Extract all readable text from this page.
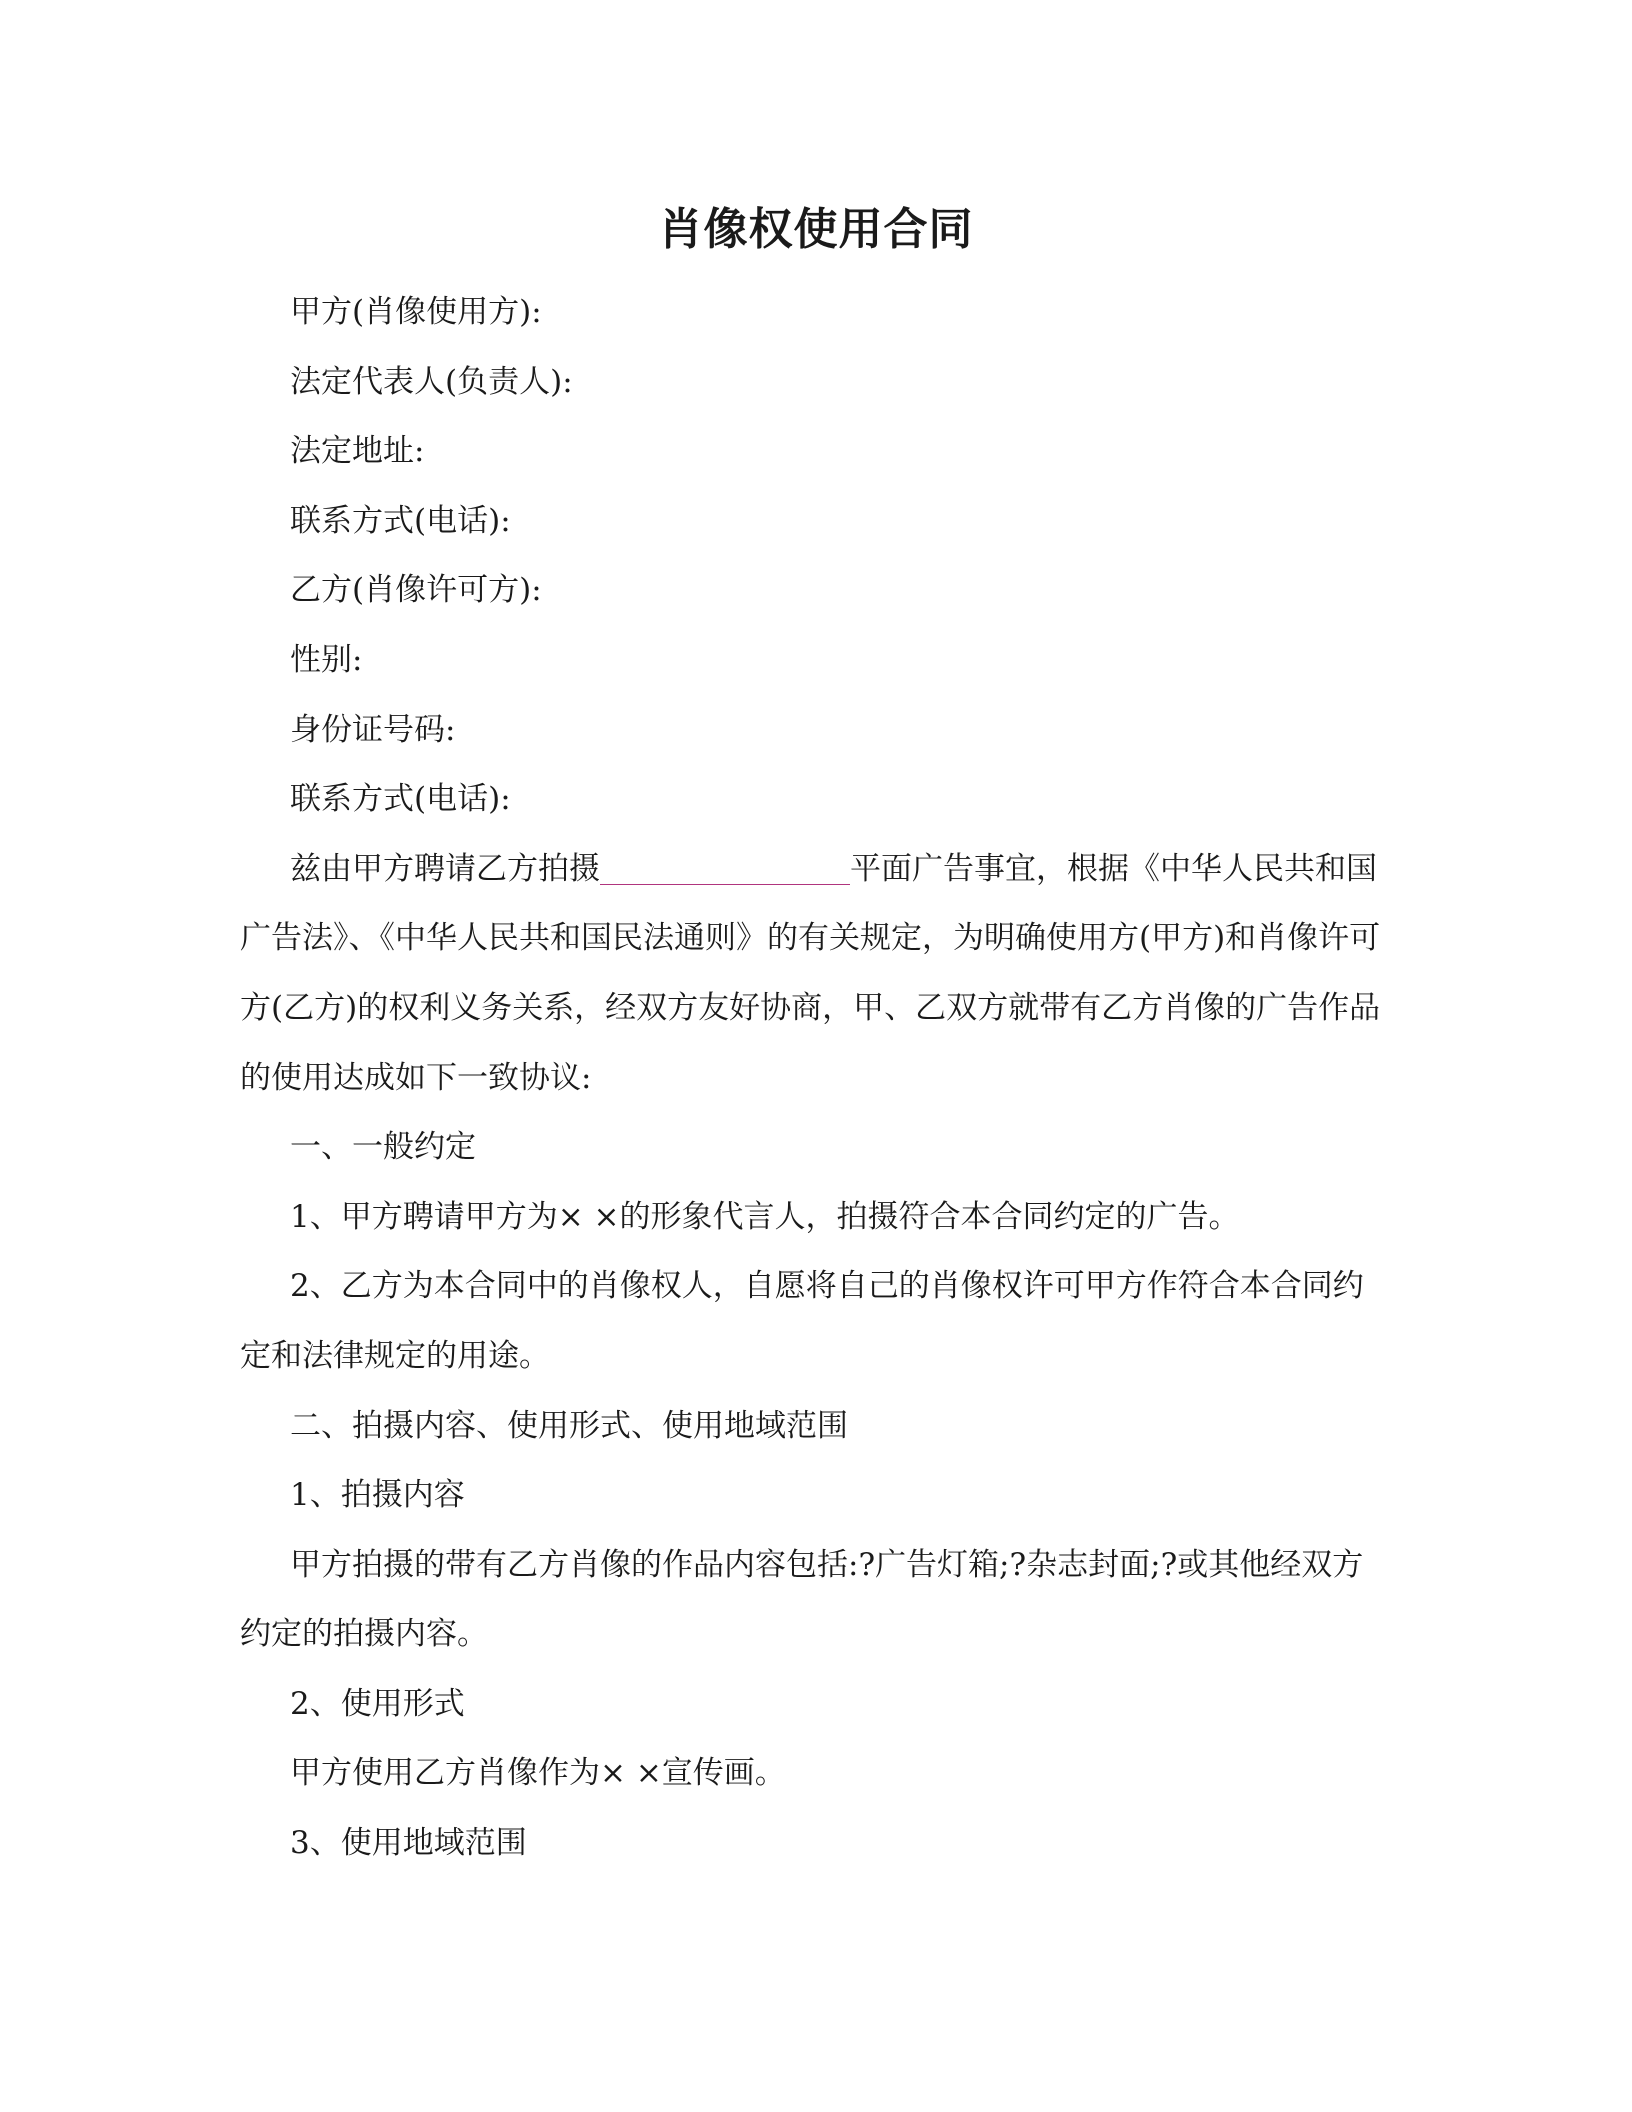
肖像权使用合同

甲方(肖像使用方):

法定代表人(负责人):

法定地址:

联系方式(电话):

乙方(肖像许可方):

性别:

身份证号码:

联系方式(电话):

兹由甲方聘请乙方拍摄	平面广告事宜，根据《中华人民共和国广告法》、《中华人民共和国民法通则》的有关规定，为明确使用方(甲方)和肖像许可方(乙方)的权利义务关系，经双方友好协商，甲、乙双方就带有乙方肖像的广告作品的使用达成如下一致协议:

一、一般约定

1、甲方聘请甲方为× ×的形象代言人，拍摄符合本合同约定的广告。

2、乙方为本合同中的肖像权人，自愿将自己的肖像权许可甲方作符合本合同约定和法律规定的用途。

二、拍摄内容、使用形式、使用地域范围

1、拍摄内容

甲方拍摄的带有乙方肖像的作品内容包括:?广告灯箱;?杂志封面;?或其他经双方约定的拍摄内容。

2、使用形式

甲方使用乙方肖像作为× ×宣传画。

3、使用地域范围
